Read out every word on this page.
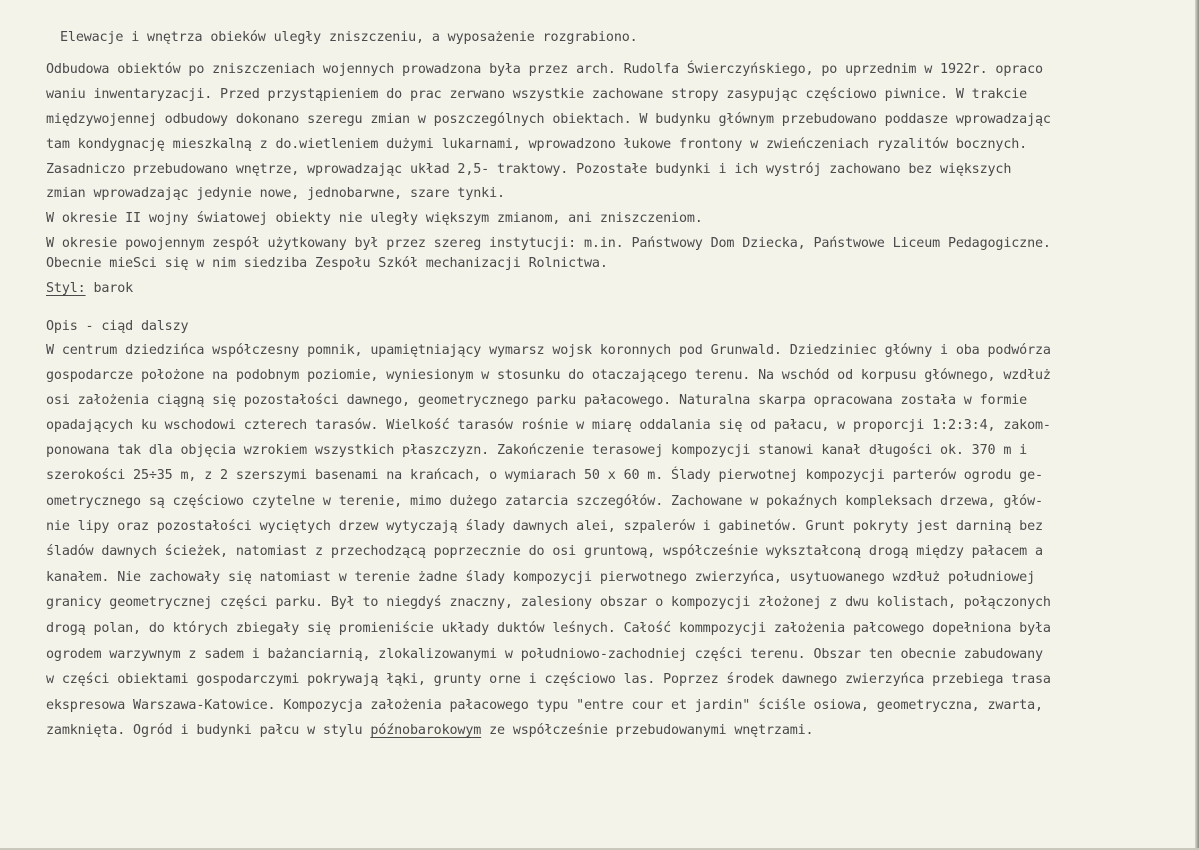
Elewacje i wnętrza obieków uległy zniszczeniu, a wyposażenie rozgrabiono.
Odbudowa obiektów po zniszczeniach wojennych prowadzona była przez arch. Rudolfa Świerczyńskiego, po uprzednim w 1922r. opraco
waniu inwentaryzacji. Przed przystąpieniem do prac zerwano wszystkie zachowane stropy zasypując częściowo piwnice. W trakcie
międzywojennej odbudowy dokonano szeregu zmian w poszczególnych obiektach. W budynku głównym przebudowano poddasze wprowadzając
tam kondygnację mieszkalną z do.wietleniem dużymi lukarnami, wprowadzono łukowe frontony w zwieńczeniach ryzalitów bocznych.
Zasadniczo przebudowano wnętrze, wprowadzając układ 2,5- traktowy. Pozostałe budynki i ich wystrój zachowano bez większych
zmian wprowadzając jedynie nowe, jednobarwne, szare tynki.
W okresie II wojny światowej obiekty nie uległy większym zmianom, ani zniszczeniom.
W okresie powojennym zespół użytkowany był przez szereg instytucji: m.in. Państwowy Dom Dziecka, Państwowe Liceum Pedagogiczne.
Obecnie mieSci się w nim siedziba Zespołu Szkół mechanizacji Rolnictwa.
Styl: barok
Opis - ciąd dalszy
W centrum dziedzińca współczesny pomnik, upamiętniający wymarsz wojsk koronnych pod Grunwald. Dziedziniec główny i oba podwórza
gospodarcze położone na podobnym poziomie, wyniesionym w stosunku do otaczającego terenu. Na wschód od korpusu głównego, wzdłuż
osi założenia ciągną się pozostałości dawnego, geometrycznego parku pałacowego. Naturalna skarpa opracowana została w formie
opadających ku wschodowi czterech tarasów. Wielkość tarasów rośnie w miarę oddalania się od pałacu, w proporcji 1:2:3:4, zakom-
ponowana tak dla objęcia wzrokiem wszystkich płaszczyzn. Zakończenie terasowej kompozycji stanowi kanał długości ok. 370 m i
szerokości 25÷35 m, z 2 szerszymi basenami na krańcach, o wymiarach 50 x 60 m. Ślady pierwotnej kompozycji parterów ogrodu ge-
ometrycznego są częściowo czytelne w terenie, mimo dużego zatarcia szczegółów. Zachowane w pokaźnych kompleksach drzewa, głów-
nie lipy oraz pozostałości wyciętych drzew wytyczają ślady dawnych alei, szpalerów i gabinetów. Grunt pokryty jest darniną bez
śladów dawnych ścieżek, natomiast z przechodzącą poprzecznie do osi gruntową, współcześnie wykształconą drogą między pałacem a
kanałem. Nie zachowały się natomiast w terenie żadne ślady kompozycji pierwotnego zwierzyńca, usytuowanego wzdłuż południowej
granicy geometrycznej części parku. Był to niegdyś znaczny, zalesiony obszar o kompozycji złożonej z dwu kolistach, połączonych
drogą polan, do których zbiegały się promieniście układy duktów leśnych. Całość kommpozycji założenia pałcowego dopełniona była
ogrodem warzywnym z sadem i bażanciarnią, zlokalizowanymi w południowo-zachodniej części terenu. Obszar ten obecnie zabudowany
w części obiektami gospodarczymi pokrywają łąki, grunty orne i częściowo las. Poprzez środek dawnego zwierzyńca przebiega trasa
ekspresowa Warszawa-Katowice. Kompozycja założenia pałacowego typu "entre cour et jardin" ściśle osiowa, geometryczna, zwarta,
zamknięta. Ogród i budynki pałcu w stylu późnobarokowym ze współcześnie przebudowanymi wnętrzami.
